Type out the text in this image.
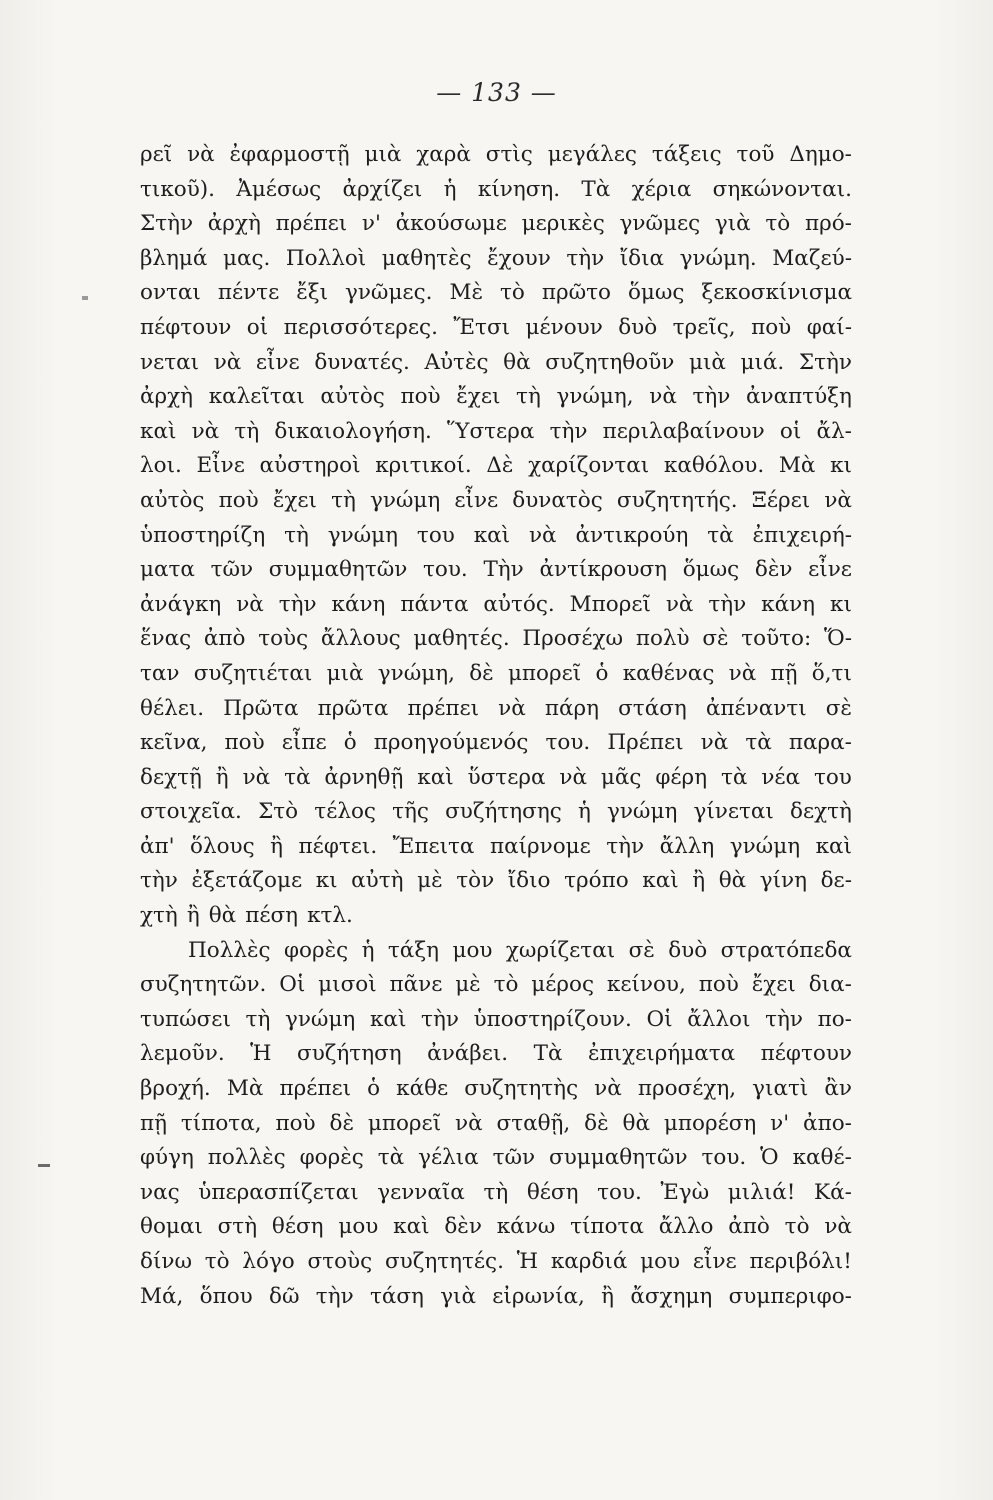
— 133 —
ρεῖ νὰ ἐφαρμοστῇ μιὰ χαρὰ στὶς μεγάλες τάξεις τοῦ Δημο-
τικοῦ). Ἀμέσως ἀρχίζει ἡ κίνηση. Τὰ χέρια σηκώνονται.
Στὴν ἀρχὴ πρέπει ν' ἀκούσωμε μερικὲς γνῶμες γιὰ τὸ πρό-
βλημά μας. Πολλοὶ μαθητὲς ἔχουν τὴν ἴδια γνώμη. Μαζεύ-
ονται πέντε ἔξι γνῶμες. Μὲ τὸ πρῶτο ὅμως ξεκοσκίνισμα
πέφτουν οἱ περισσότερες. Ἔτσι μένουν δυὸ τρεῖς, ποὺ φαί-
νεται νὰ εἶνε δυνατές. Αὐτὲς θὰ συζητηθοῦν μιὰ μιά. Στὴν
ἀρχὴ καλεῖται αὐτὸς ποὺ ἔχει τὴ γνώμη, νὰ τὴν ἀναπτύξη
καὶ νὰ τὴ δικαιολογήση. Ὕστερα τὴν περιλαβαίνουν οἱ ἄλ-
λοι. Εἶνε αὐστηροὶ κριτικοί. Δὲ χαρίζονται καθόλου. Μὰ κι
αὐτὸς ποὺ ἔχει τὴ γνώμη εἶνε δυνατὸς συζητητής. Ξέρει νὰ
ὑποστηρίζη τὴ γνώμη του καὶ νὰ ἀντικρούη τὰ ἐπιχειρή-
ματα τῶν συμμαθητῶν του. Τὴν ἀντίκρουση ὅμως δὲν εἶνε
ἀνάγκη νὰ τὴν κάνη πάντα αὐτός. Μπορεῖ νὰ τὴν κάνη κι
ἕνας ἀπὸ τοὺς ἄλλους μαθητές. Προσέχω πολὺ σὲ τοῦτο: Ὅ-
ταν συζητιέται μιὰ γνώμη, δὲ μπορεῖ ὁ καθένας νὰ πῇ ὅ,τι
θέλει. Πρῶτα πρῶτα πρέπει νὰ πάρη στάση ἀπέναντι σὲ
κεῖνα, ποὺ εἶπε ὁ προηγούμενός του. Πρέπει νὰ τὰ παρα-
δεχτῇ ἢ νὰ τὰ ἀρνηθῇ καὶ ὕστερα νὰ μᾶς φέρη τὰ νέα του
στοιχεῖα. Στὸ τέλος τῆς συζήτησης ἡ γνώμη γίνεται δεχτὴ
ἀπ' ὅλους ἢ πέφτει. Ἔπειτα παίρνομε τὴν ἄλλη γνώμη καὶ
τὴν ἐξετάζομε κι αὐτὴ μὲ τὸν ἴδιο τρόπο καὶ ἢ θὰ γίνη δε-
χτὴ ἢ θὰ πέση κτλ.
Πολλὲς φορὲς ἡ τάξη μου χωρίζεται σὲ δυὸ στρατόπεδα
συζητητῶν. Οἱ μισοὶ πᾶνε μὲ τὸ μέρος κείνου, ποὺ ἔχει δια-
τυπώσει τὴ γνώμη καὶ τὴν ὑποστηρίζουν. Οἱ ἄλλοι τὴν πο-
λεμοῦν. Ἡ συζήτηση ἀνάβει. Τὰ ἐπιχειρήματα πέφτουν
βροχή. Μὰ πρέπει ὁ κάθε συζητητὴς νὰ προσέχη, γιατὶ ἂν
πῇ τίποτα, ποὺ δὲ μπορεῖ νὰ σταθῇ, δὲ θὰ μπορέση ν' ἀπο-
φύγη πολλὲς φορὲς τὰ γέλια τῶν συμμαθητῶν του. Ὁ καθέ-
νας ὑπερασπίζεται γενναῖα τὴ θέση του. Ἐγὼ μιλιά! Κά-
θομαι στὴ θέση μου καὶ δὲν κάνω τίποτα ἄλλο ἀπὸ τὸ νὰ
δίνω τὸ λόγο στοὺς συζητητές. Ἡ καρδιά μου εἶνε περιβόλι!
Μά, ὅπου δῶ τὴν τάση γιὰ εἰρωνία, ἢ ἄσχημη συμπεριφο-
